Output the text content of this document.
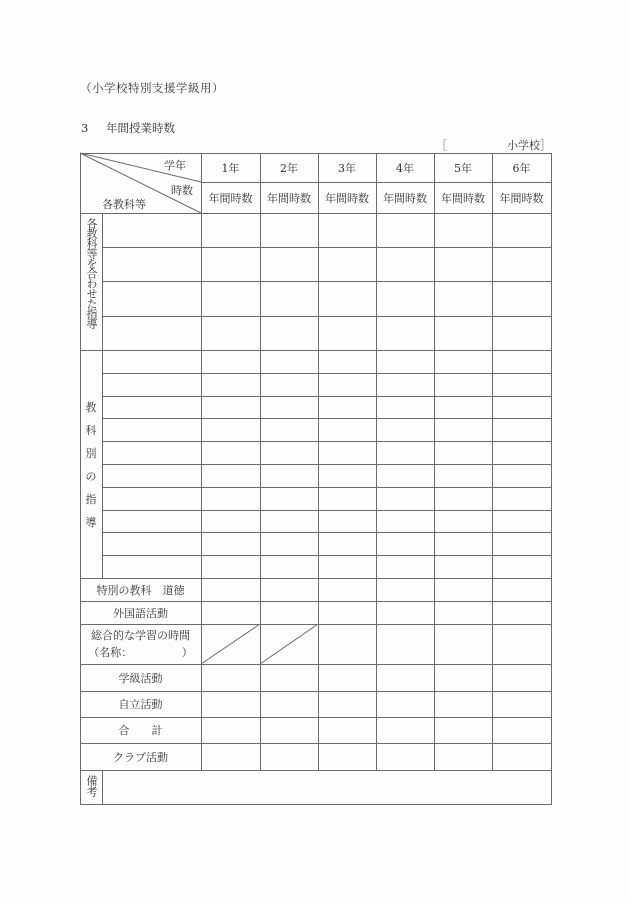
（小学校特別支援学級用）
3 年間授業時数
［	小学校］
学年
時数
各教科等
1年
年間時数
2年
年間時数
3年
年間時数
4年
年間時数
5年
年間時数
6年
年間時数
各教科等を合わせた指導
教
科
別
の
指
導
特別の教科　道徳
外国語活動
総合的な学習の時間
（名称：　　　　　）
学級活動
自立活動
合　　計
クラブ活動
備考
